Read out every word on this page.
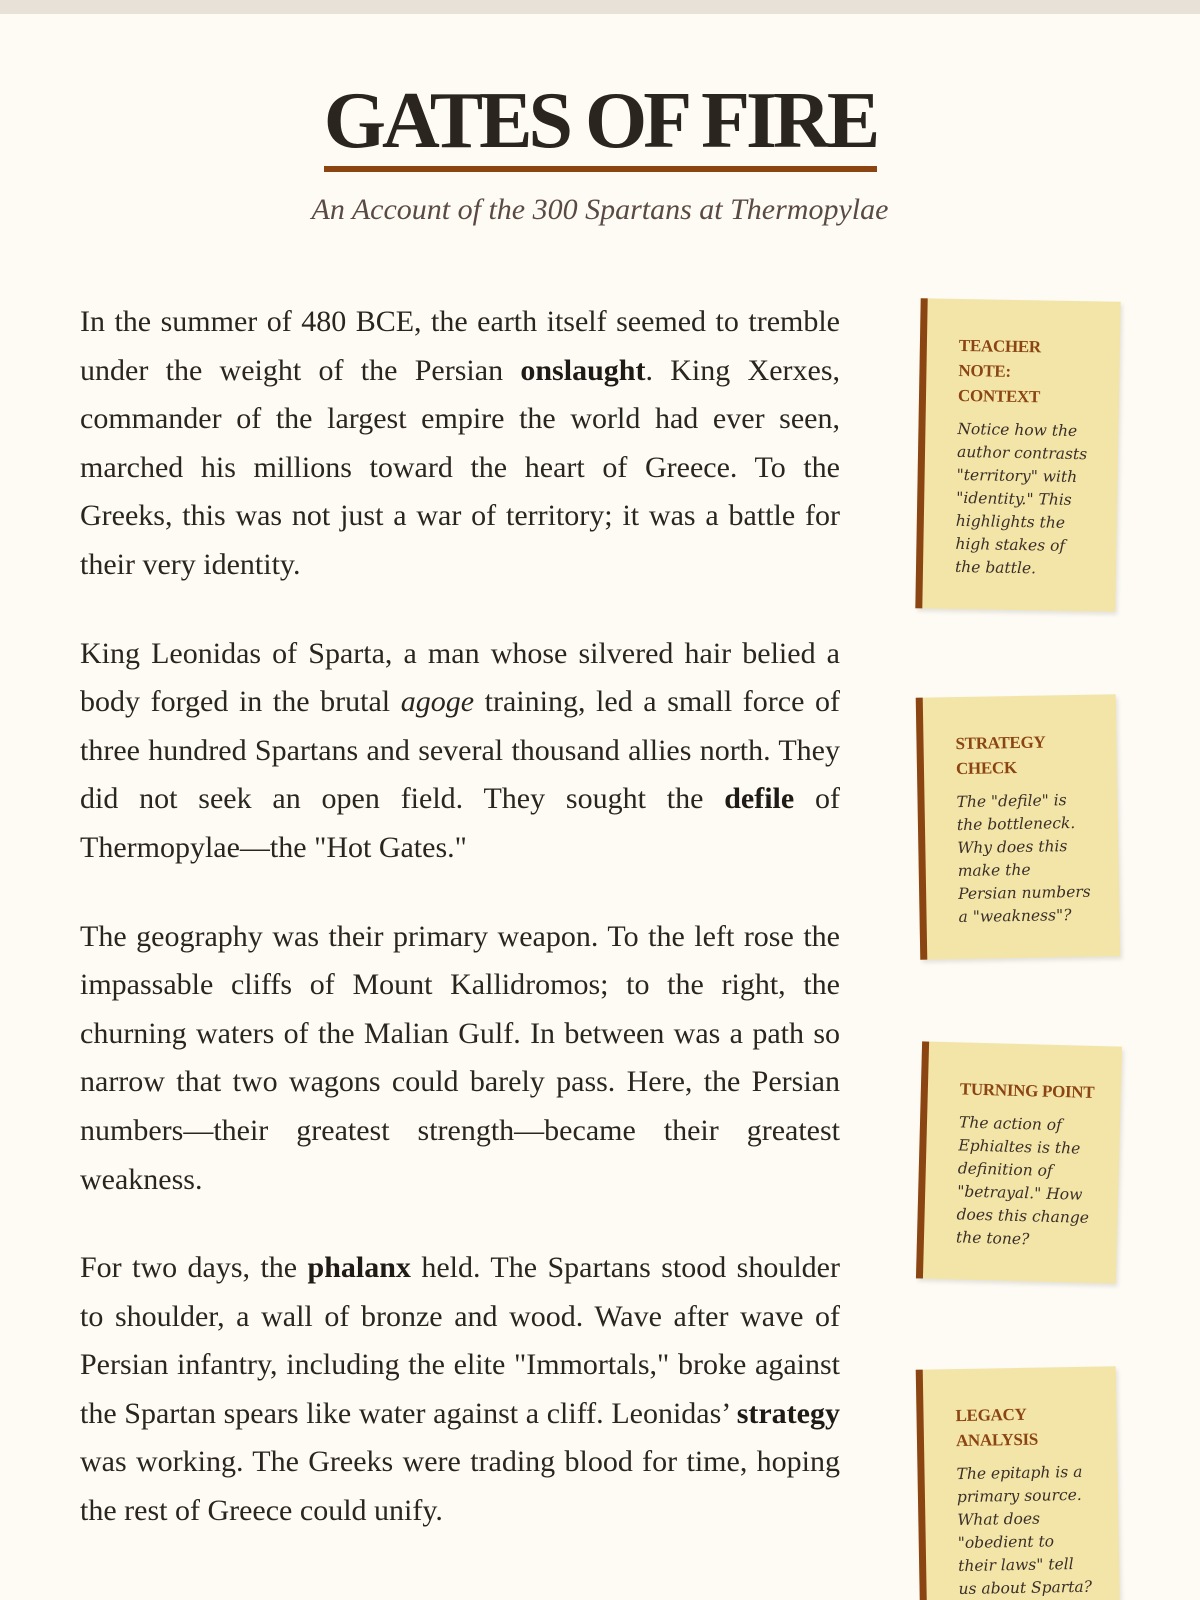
GATES OF FIRE

An Account of the 300 Spartans at Thermopylae

In the summer of 480 BCE, the earth itself seemed to tremble under the weight of the Persian onslaught. King Xerxes, commander of the largest empire the world had ever seen, marched his millions toward the heart of Greece. To the Greeks, this was not just a war of territory; it was a battle for their very identity.

King Leonidas of Sparta, a man whose silvered hair belied a body forged in the brutal agoge training, led a small force of three hundred Spartans and several thousand allies north. They did not seek an open field. They sought the defile of Thermopylae—the "Hot Gates."

The geography was their primary weapon. To the left rose the impassable cliffs of Mount Kallidromos; to the right, the churning waters of the Malian Gulf. In between was a path so narrow that two wagons could barely pass. Here, the Persian numbers—their greatest strength—became their greatest weakness.

For two days, the phalanx held. The Spartans stood shoulder to shoulder, a wall of bronze and wood. Wave after wave of Persian infantry, including the elite "Immortals," broke against the Spartan spears like water against a cliff. Leonidas’ strategy was working. The Greeks were trading blood for time, hoping the rest of Greece could unify.

TEACHER NOTE: CONTEXT

Notice how the author contrasts "territory" with "identity." This highlights the high stakes of the battle.

STRATEGY CHECK

The "defile" is the bottleneck. Why does this make the Persian numbers a "weakness"?

TURNING POINT

The action of Ephialtes is the definition of "betrayal." How does this change the tone?

LEGACY ANALYSIS

The epitaph is a primary source. What does "obedient to their laws" tell us about Sparta?
